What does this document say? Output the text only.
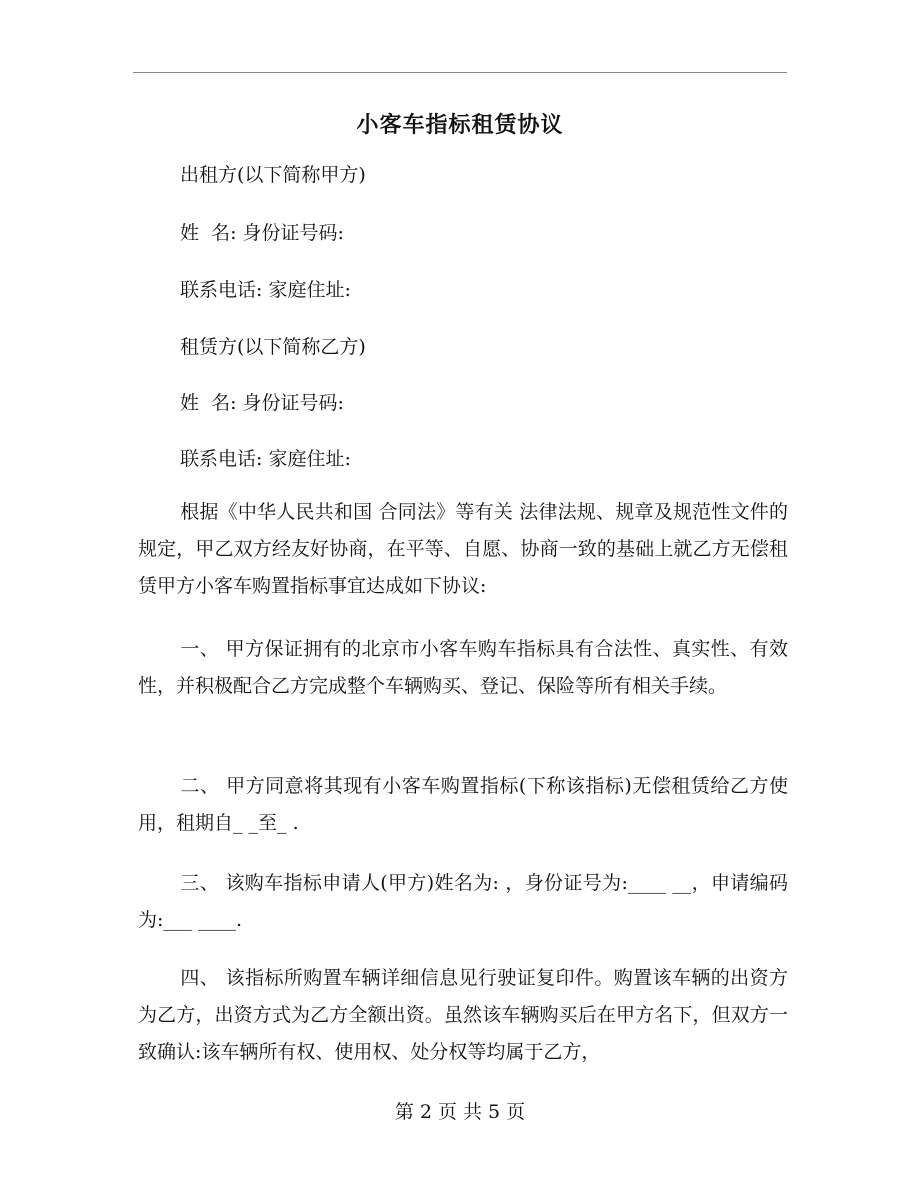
小客车指标租赁协议
出租方(以下简称甲方)
姓  名: 身份证号码:
联系电话: 家庭住址:
租赁方(以下简称乙方)
姓  名: 身份证号码:
联系电话: 家庭住址:
根据《中华人民共和国 合同法》等有关 法律法规、规章及规范性文件的规定，甲乙双方经友好协商，在平等、自愿、协商一致的基础上就乙方无偿租赁甲方小客车购置指标事宜达成如下协议:
一、 甲方保证拥有的北京市小客车购车指标具有合法性、真实性、有效性，并积极配合乙方完成整个车辆购买、登记、保险等所有相关手续。
二、 甲方同意将其现有小客车购置指标(下称该指标)无偿租赁给乙方使用，租期自_ _至_ .
三、 该购车指标申请人(甲方)姓名为: ，身份证号为:____ __，申请编码为:___ ____.
四、 该指标所购置车辆详细信息见行驶证复印件。购置该车辆的出资方为乙方，出资方式为乙方全额出资。虽然该车辆购买后在甲方名下，但双方一致确认:该车辆所有权、使用权、处分权等均属于乙方，
第 2 页 共 5 页
